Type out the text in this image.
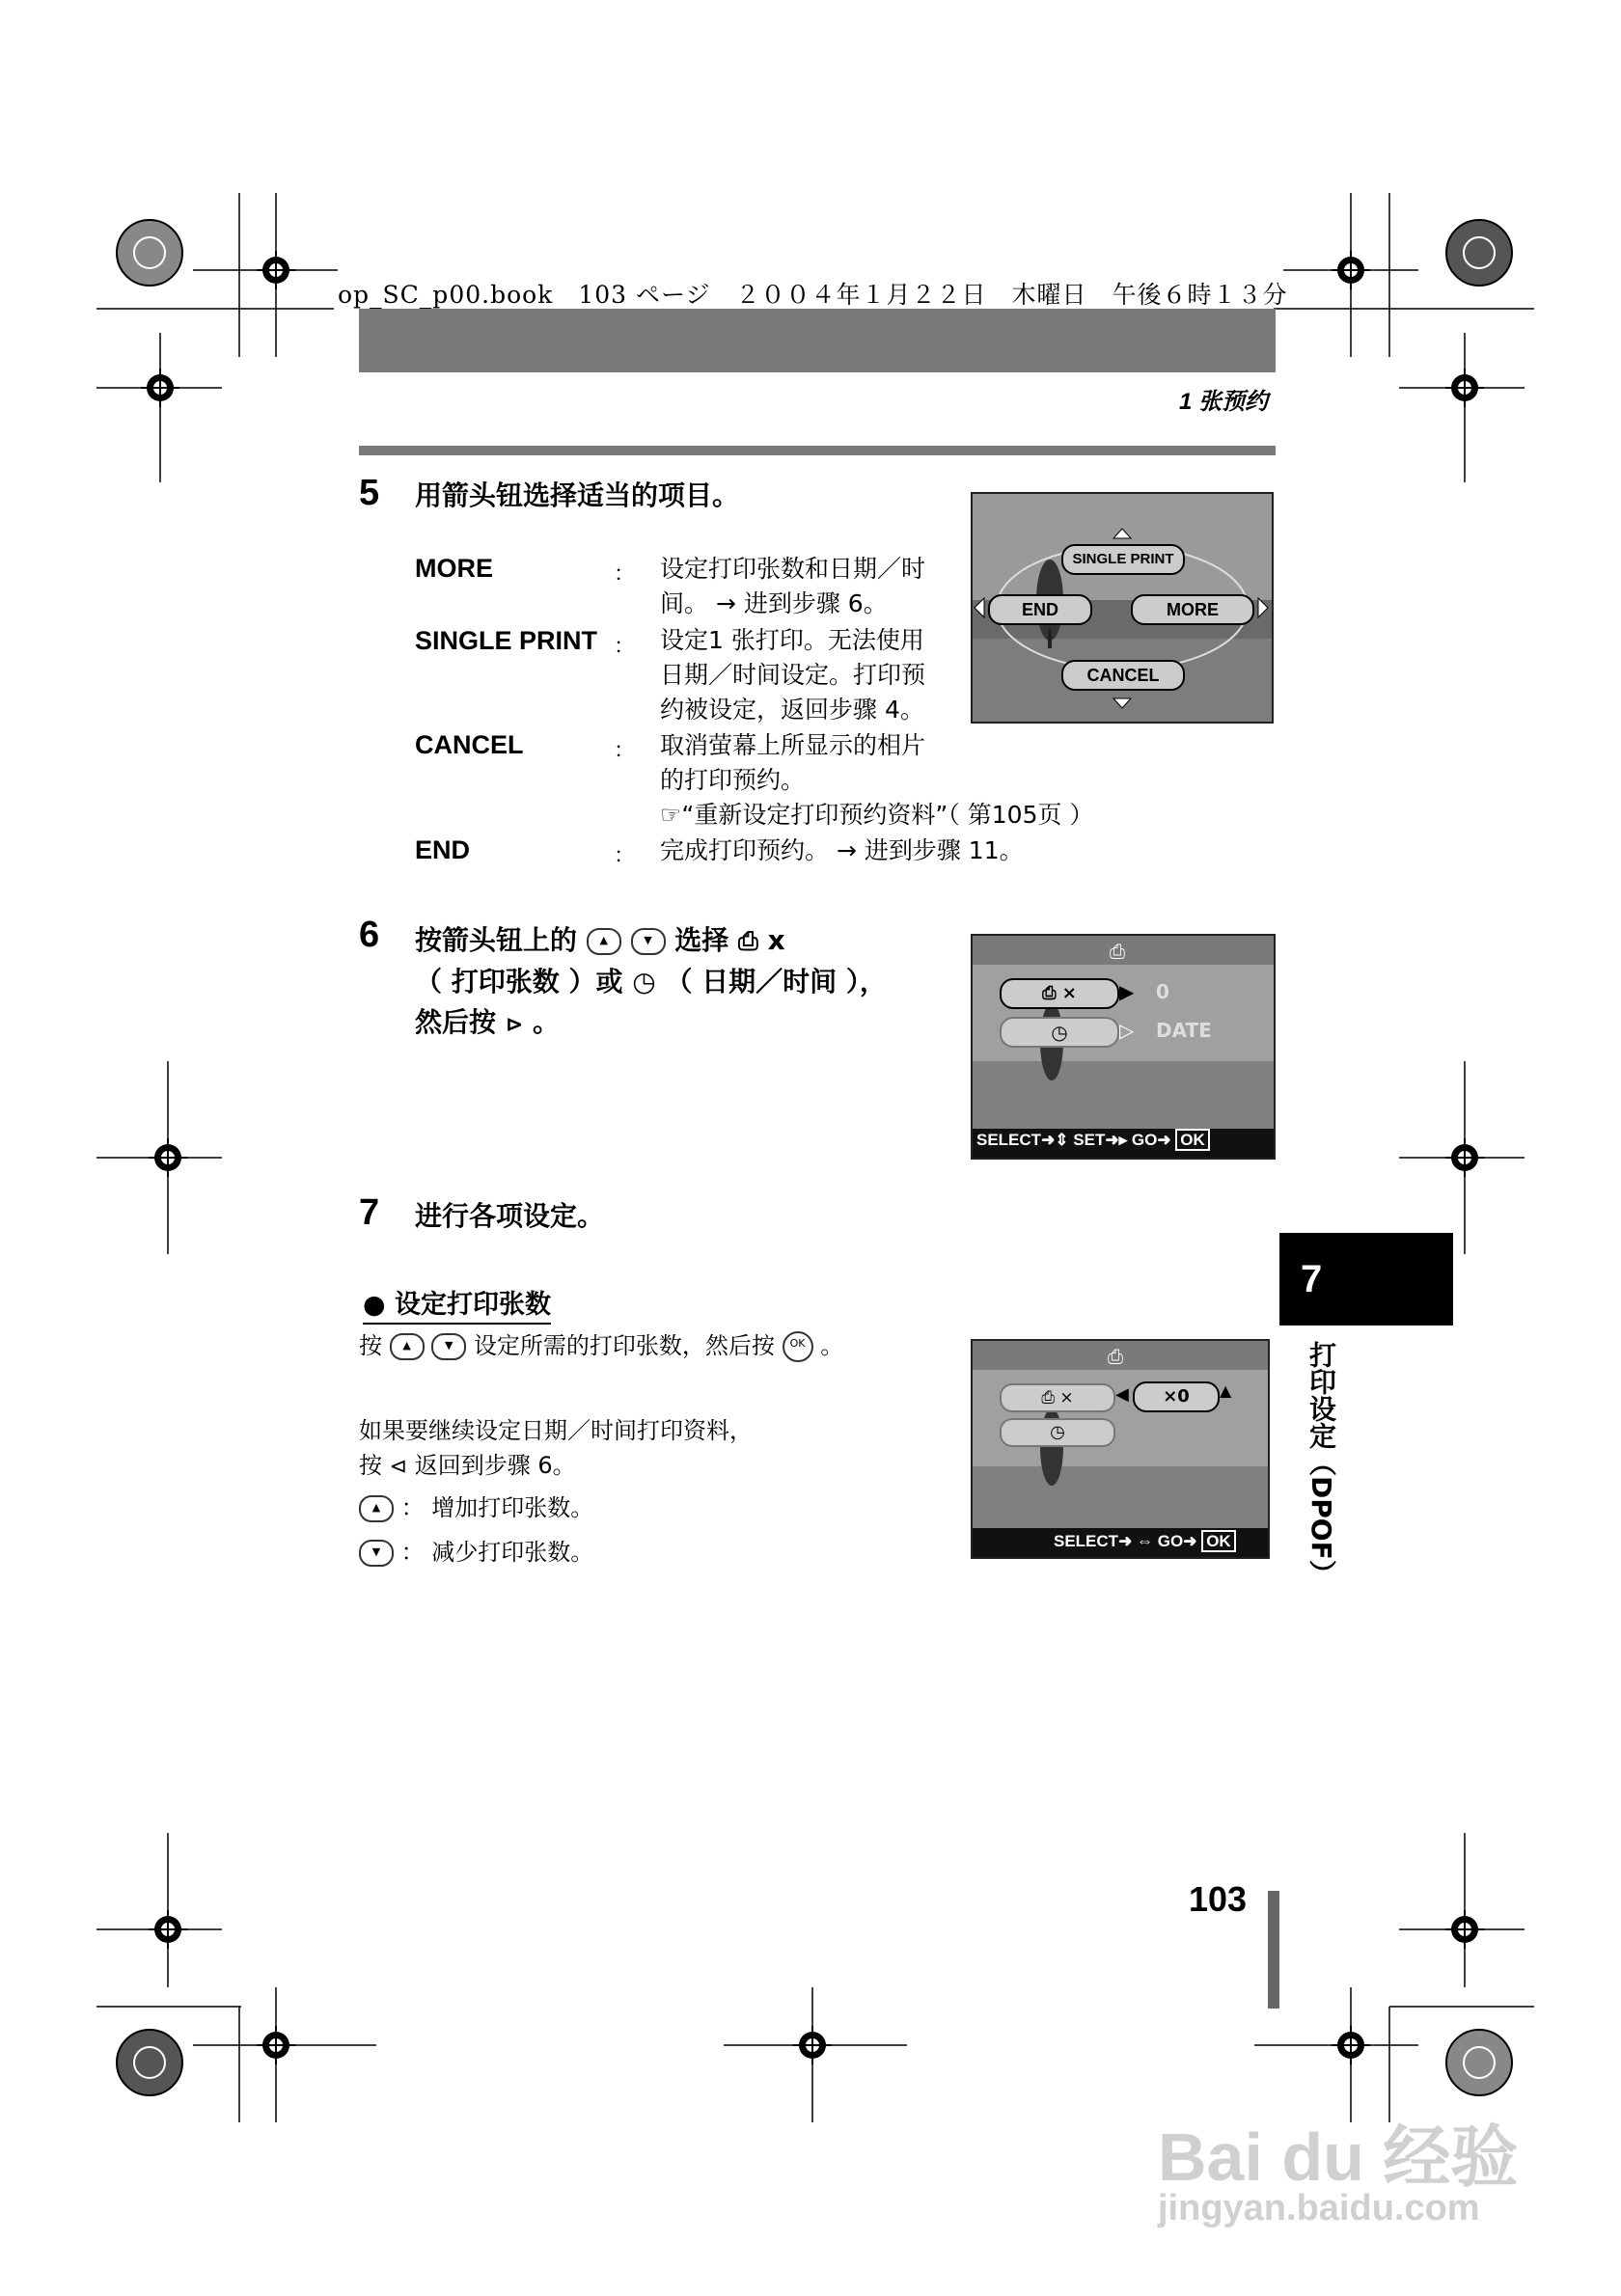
op_SC_p00.book　103 ページ　２００４年１月２２日　木曜日　午後６時１３分
1 张预约
5 用箭头钮选择适当的项目。
MORE	： 设定打印张数和日期／时
间。 → 进到步骤 6。
SINGLE PRINT ： 设定1 张打印。无法使用
日期／时间设定。打印预
约被设定，返回步骤 4。
CANCEL	： 取消萤幕上所显示的相片
的打印预约。
☞“重新设定打印预约资料”（ 第105页 ）
END	： 完成打印预约。 → 进到步骤 11。
SINGLE PRINT
END	MORE
CANCEL
6 按箭头钮上的 ▲	▼ 选择 ⎙ x
（ 打印张数 ）或 ◷ （ 日期／时间 ），
然后按 ⊳ 。
⎙
⎙ ×	▶ 0
◷	▷ DATE
SELECT➜⇕ SET➜▸ GO➜ OK
7 进行各项设定。
● 设定打印张数
按 ▲	▼ 设定所需的打印张数，然后按 OK 。
如果要继续设定日期／时间打印资料，
按 ⊲ 返回到步骤 6。
▲ ： 增加打印张数。
▼ ： 减少打印张数。
⎙
⎙ ×	◀	×0	▲
◷
SELECT➜ ⇔ GO➜ OK
7
打印设定（DPOF）
103
Bai du 经验
jingyan.baidu.com
